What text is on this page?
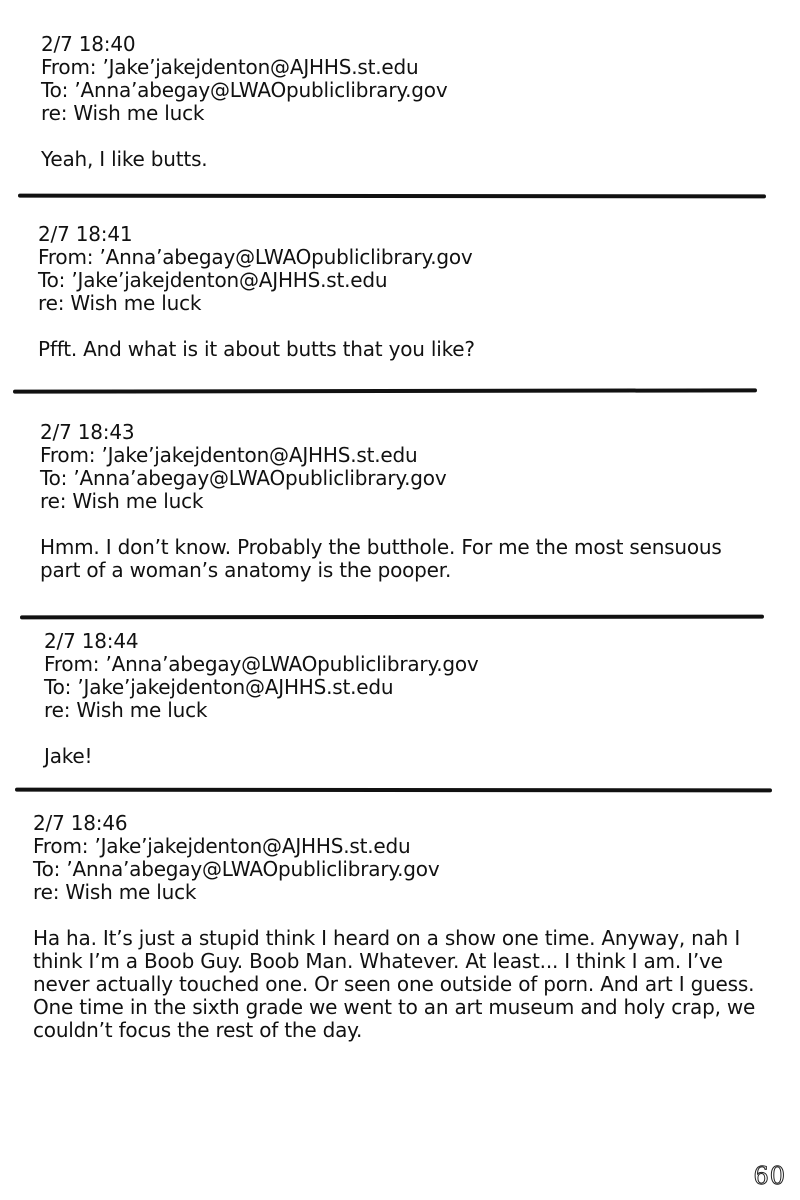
2/7 18:40
From: ’Jake’jakejdenton@AJHHS.st.edu
To: ’Anna’abegay@LWAOpubliclibrary.gov
re: Wish me luck
Yeah, I like butts.
2/7 18:41
From: ’Anna’abegay@LWAOpubliclibrary.gov
To: ’Jake’jakejdenton@AJHHS.st.edu
re: Wish me luck
Pfft. And what is it about butts that you like?
2/7 18:43
From: ’Jake’jakejdenton@AJHHS.st.edu
To: ’Anna’abegay@LWAOpubliclibrary.gov
re: Wish me luck
Hmm. I don’t know. Probably the butthole. For me the most sensuous part of a woman’s anatomy is the pooper.
2/7 18:44
From: ’Anna’abegay@LWAOpubliclibrary.gov
To: ’Jake’jakejdenton@AJHHS.st.edu
re: Wish me luck
Jake!
2/7 18:46
From: ’Jake’jakejdenton@AJHHS.st.edu
To: ’Anna’abegay@LWAOpubliclibrary.gov
re: Wish me luck
Ha ha. It’s just a stupid think I heard on a show one time. Anyway, nah I think I’m a Boob Guy. Boob Man. Whatever. At least... I think I am. I’ve never actually touched one. Or seen one outside of porn. And art I guess. One time in the sixth grade we went to an art museum and holy crap, we couldn’t focus the rest of the day.
60
